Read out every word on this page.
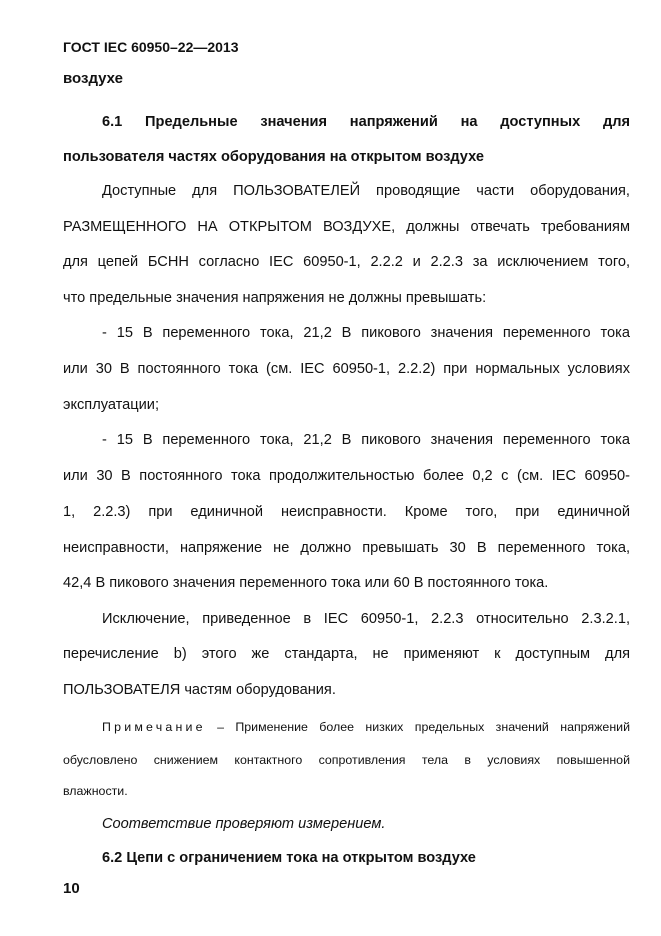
ГОСТ IEC 60950–22—2013
воздухе
6.1 Предельные значения напряжений на доступных для
пользователя частях оборудования на открытом воздухе
Доступные для ПОЛЬЗОВАТЕЛЕЙ проводящие части оборудования,
РАЗМЕЩЕННОГО НА ОТКРЫТОМ ВОЗДУХЕ, должны отвечать требованиям
для цепей БСНН согласно IEC 60950-1, 2.2.2 и 2.2.3 за исключением того,
что предельные значения напряжения не должны превышать:
- 15 В переменного тока, 21,2 В пикового значения переменного тока
или 30 В постоянного тока (см. IEC 60950-1, 2.2.2) при нормальных условиях
эксплуатации;
- 15 В переменного тока, 21,2 В пикового значения переменного тока
или 30 В постоянного тока продолжительностью более 0,2 с (см. IEC 60950-
1, 2.2.3) при единичной неисправности. Кроме того, при единичной
неисправности, напряжение не должно превышать 30 В переменного тока,
42,4 В пикового значения переменного тока или 60 В постоянного тока.
Исключение, приведенное в IEC 60950-1, 2.2.3 относительно 2.3.2.1,
перечисление b) этого же стандарта, не применяют к доступным для
ПОЛЬЗОВАТЕЛЯ частям оборудования.
Примечание – Применение более низких предельных значений напряжений
обусловлено снижением контактного сопротивления тела в условиях повышенной
влажности.
Соответствие проверяют измерением.
6.2 Цепи с ограничением тока на открытом воздухе
10
